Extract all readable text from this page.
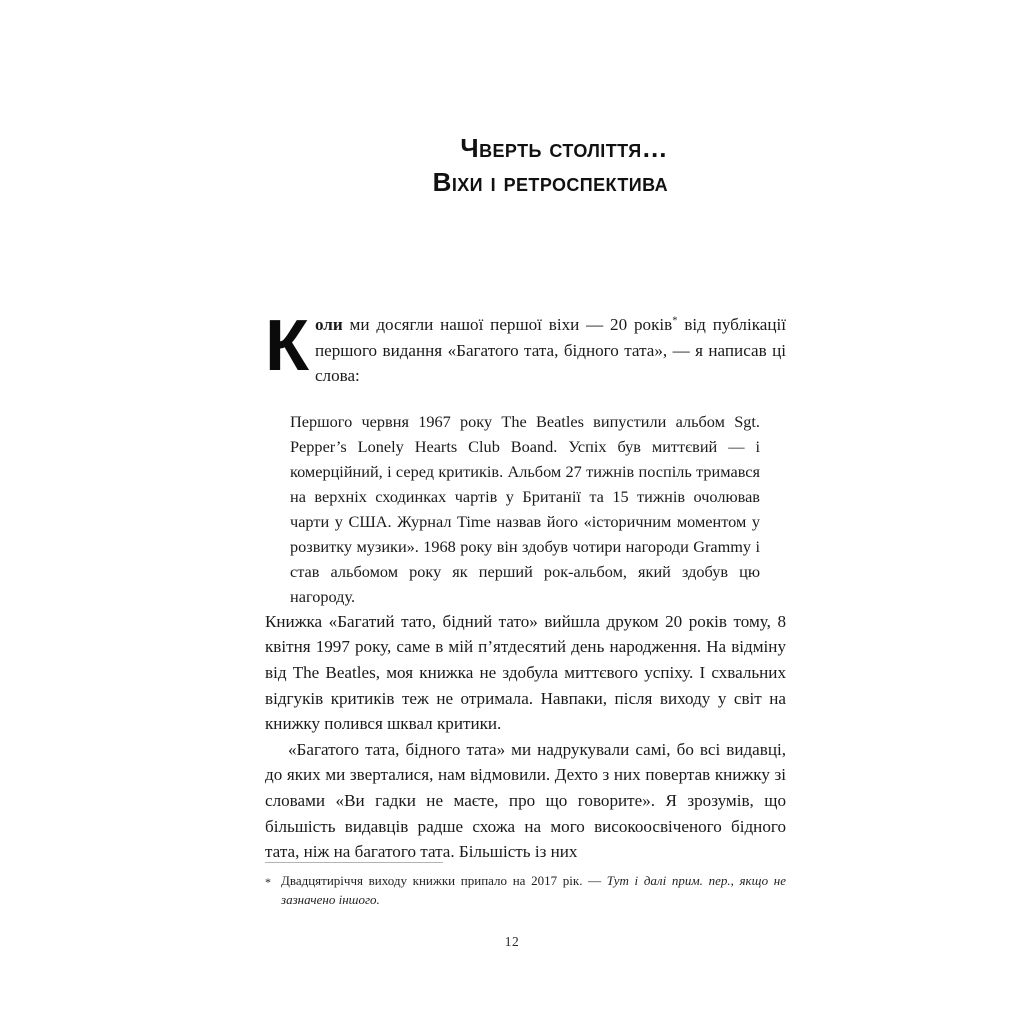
Чверть століття…
Віхи і ретроспектива

Коли ми досягли нашої першої віхи — 20 років* від публікації першого видання «Багатого тата, бідного тата», — я написав ці слова:

Першого червня 1967 року The Beatles випустили альбом Sgt. Pepper’s Lonely Hearts Club Boand. Успіх був миттєвий — і комерційний, і серед критиків. Альбом 27 тижнів поспіль тримався на верхніх сходинках чартів у Британії та 15 тижнів очолював чарти у США. Журнал Time назвав його «історичним моментом у розвитку музики». 1968 року він здобув чотири нагороди Grammy і став альбомом року як перший рок-альбом, який здобув цю нагороду.

Книжка «Багатий тато, бідний тато» вийшла друком 20 років тому, 8 квітня 1997 року, саме в мій п’ятдесятий день народження. На відміну від The Beatles, моя книжка не здобула миттєвого успіху. І схвальних відгуків критиків теж не отримала. Навпаки, після виходу у світ на книжку полився шквал критики.

«Багатого тата, бідного тата» ми надрукували самі, бо всі видавці, до яких ми зверталися, нам відмовили. Дехто з них повертав книжку зі словами «Ви гадки не маєте, про що говорите». Я зрозумів, що більшість видавців радше схожа на мого високоосвіченого бідного тата, ніж на багатого тата. Більшість із них

* Двадцятиріччя виходу книжки припало на 2017 рік. — Тут і далі прим. пер., якщо не зазначено іншого.
12
